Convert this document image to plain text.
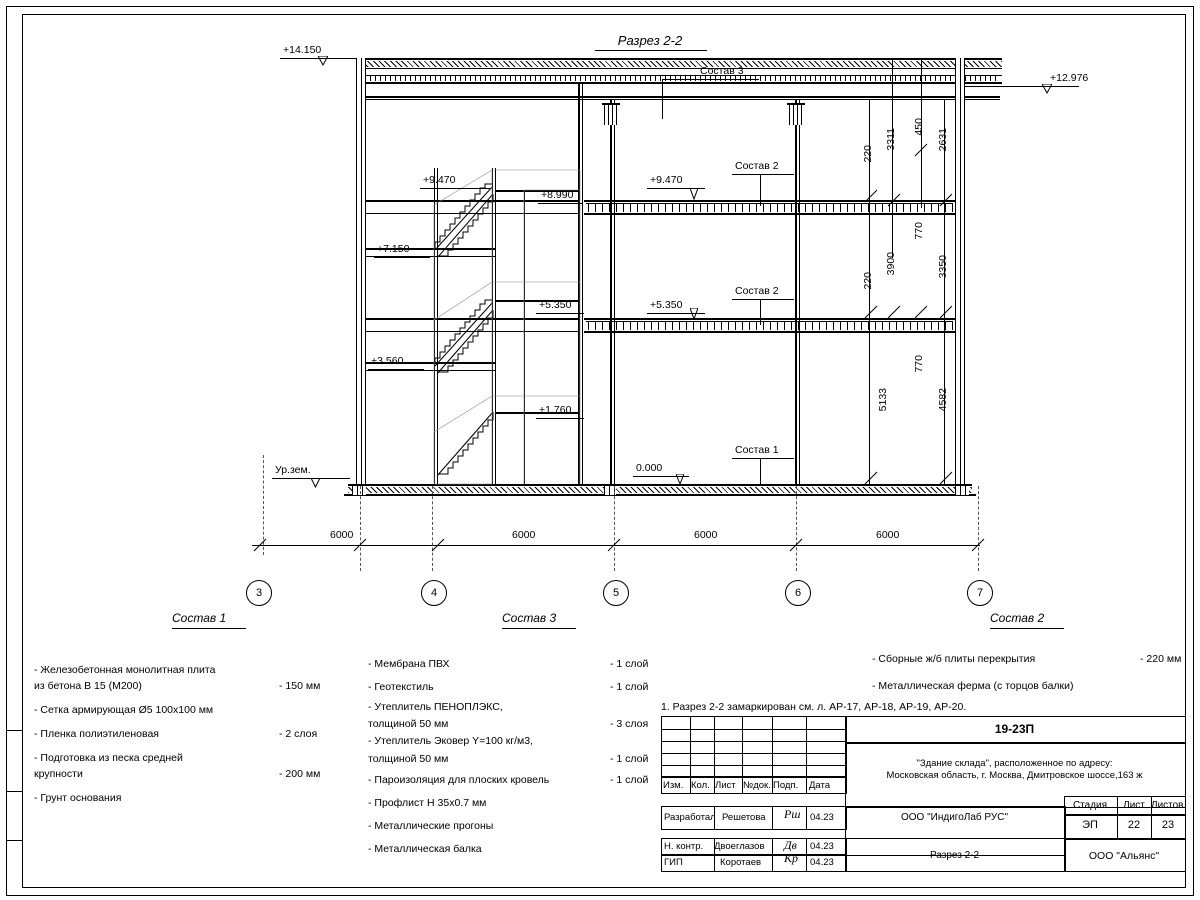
Разрез 2-2
+14.150
+12.976
+9.470
+8.990
+7.150
+5.350
+3.560
+1.760
+9.470
+5.350
0.000
Ур.зем.
Состав 3
Состав 2
Состав 2
Состав 1
220
3311
450
2631
770
3350
220
3900
770
5133	4582
6000	6000	6000	6000
3	4	5	6	7
Состав 1
- Железобетонная монолитная плита
из бетона В 15 (М200)	- 150 мм
- Сетка армирующая Ø5 100х100 мм
- Пленка полиэтиленовая	- 2 слоя
- Подготовка из песка средней
крупности	- 200 мм
- Грунт основания
Состав 3
- Мембрана ПВХ	- 1 слой
- Геотекстиль	- 1 слой
- Утеплитель ПЕНОПЛЭКС,
толщиной 50 мм	- 3 слоя
- Утеплитель Эковер Y=100 кг/м3,
толщиной 50 мм	- 1 слой
- Пароизоляция для плоских кровель	- 1 слой
- Профлист Н 35х0.7 мм
- Металлические прогоны
- Металлическая балка
Состав 2
- Сборные ж/б плиты перекрытия	- 220 мм
- Металлическая ферма (с торцов балки)
1. Разрез 2-2 замаркирован см. л. АР-17, АР-18, АР-19, АР-20.
Изм. Кол. Лист №док. Подп. Дата
Разработал Решетова Рш 04.23
Н. контр. Двоеглазов Дв 04.23
ГИП	Коротаев Кр 04.23
19-23П
"Здание склада", расположенное по адресу:
Московская область, г. Москва, Дмитровское шоссе,163 ж
ООО "ИндигоЛаб РУС"
Разрез 2-2
Стадия	Лист Листов
ЭП	22	23
ООО "Альянс"
